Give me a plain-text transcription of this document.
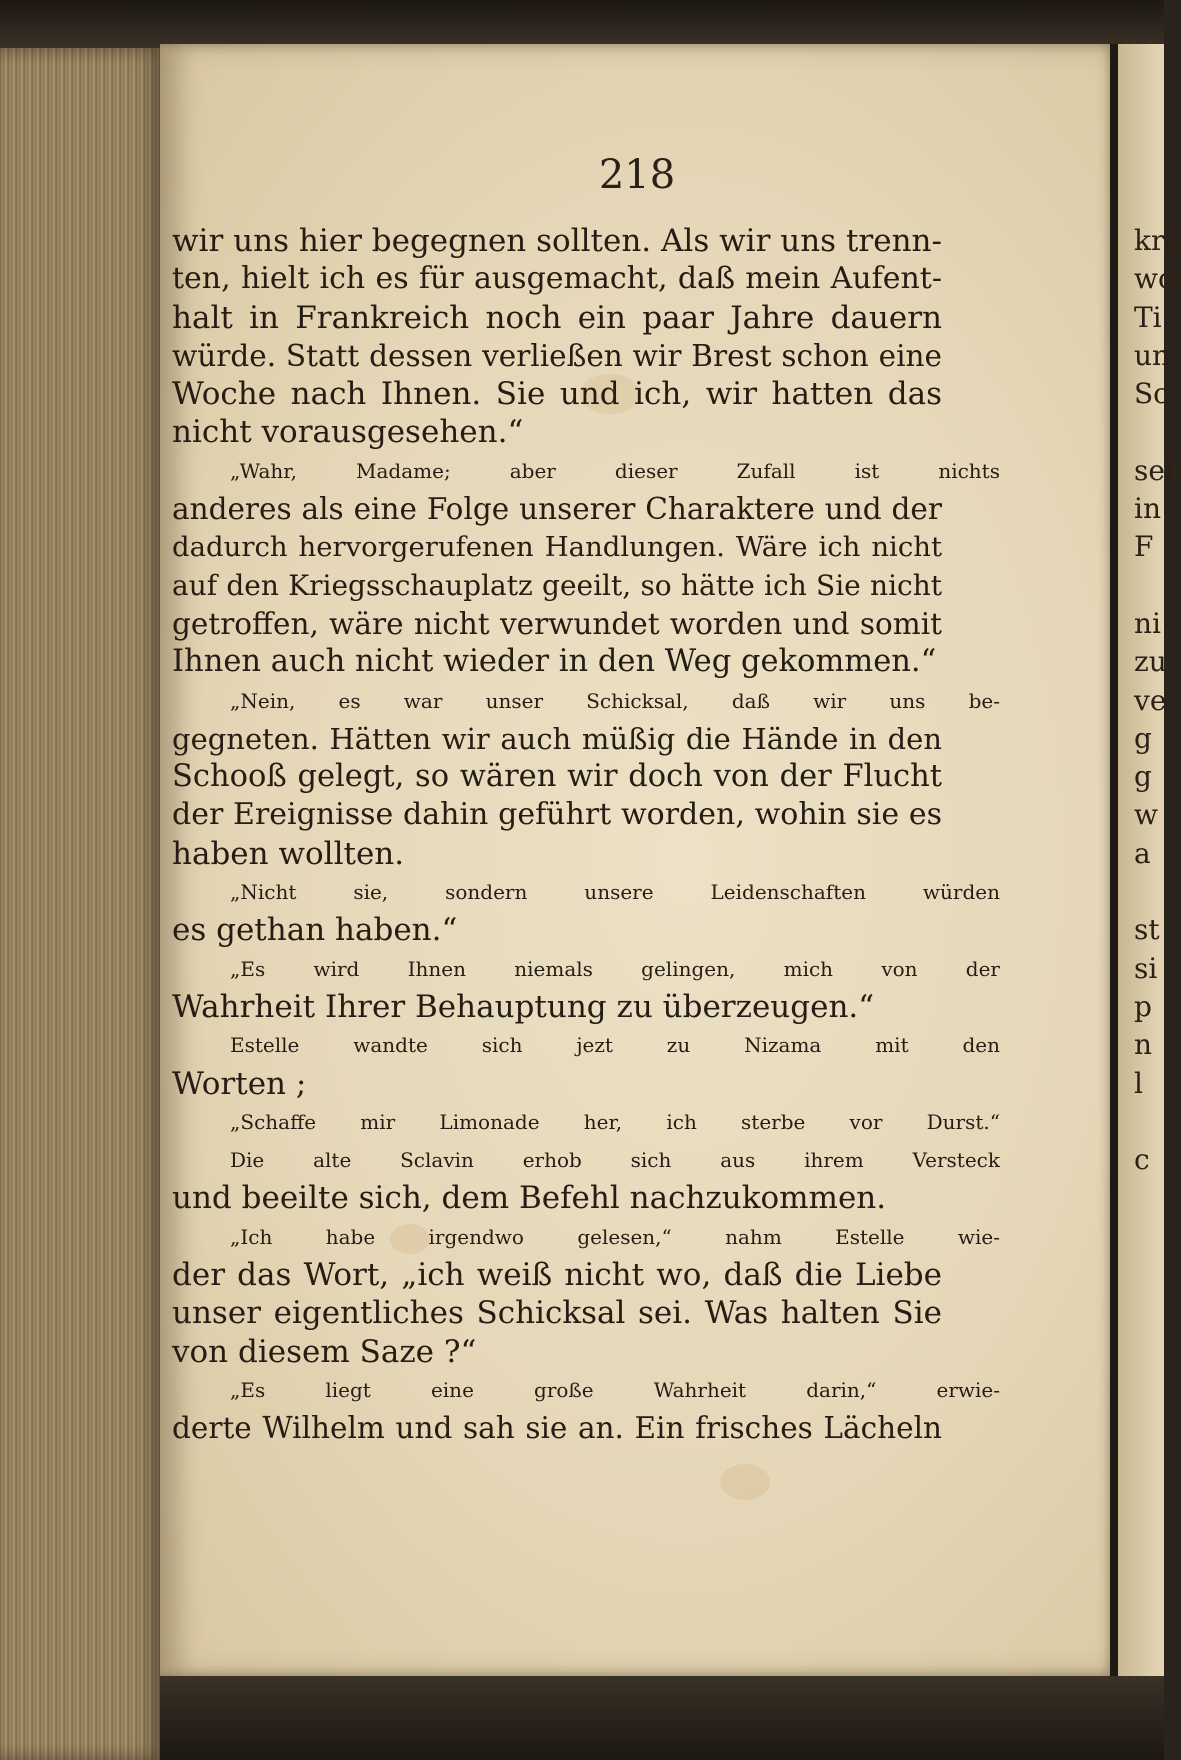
218
wir uns hier begegnen sollten. Als wir uns trenn-
ten, hielt ich es für ausgemacht, daß mein Aufent-
halt in Frankreich noch ein paar Jahre dauern
würde. Statt dessen verließen wir Brest schon eine
Woche nach Ihnen. Sie und ich, wir hatten das
nicht vorausgesehen.“
„Wahr, Madame; aber dieser Zufall ist nichts
anderes als eine Folge unserer Charaktere und der
dadurch hervorgerufenen Handlungen. Wäre ich nicht
auf den Kriegsschauplatz geeilt, so hätte ich Sie nicht
getroffen, wäre nicht verwundet worden und somit
Ihnen auch nicht wieder in den Weg gekommen.“
„Nein, es war unser Schicksal, daß wir uns be-
gegneten. Hätten wir auch müßig die Hände in den
Schooß gelegt, so wären wir doch von der Flucht
der Ereignisse dahin geführt worden, wohin sie es
haben wollten.
„Nicht sie, sondern unsere Leidenschaften würden
es gethan haben.“
„Es wird Ihnen niemals gelingen, mich von der
Wahrheit Ihrer Behauptung zu überzeugen.“
Estelle wandte sich jezt zu Nizama mit den
Worten ;
„Schaffe mir Limonade her, ich sterbe vor Durst.“
Die alte Sclavin erhob sich aus ihrem Versteck
und beeilte sich, dem Befehl nachzukommen.
„Ich habe irgendwo gelesen,“ nahm Estelle wie-
der das Wort, „ich weiß nicht wo, daß die Liebe
unser eigentliches Schicksal sei. Was halten Sie
von diesem Saze ?“
„Es liegt eine große Wahrheit darin,“ erwie-
derte Wilhelm und sah sie an. Ein frisches Lächeln
krä
wo
Ti
un
Sc
sel
in
F
ni
zu
ve
g
g
w
a
st
si
p
n
l
c
